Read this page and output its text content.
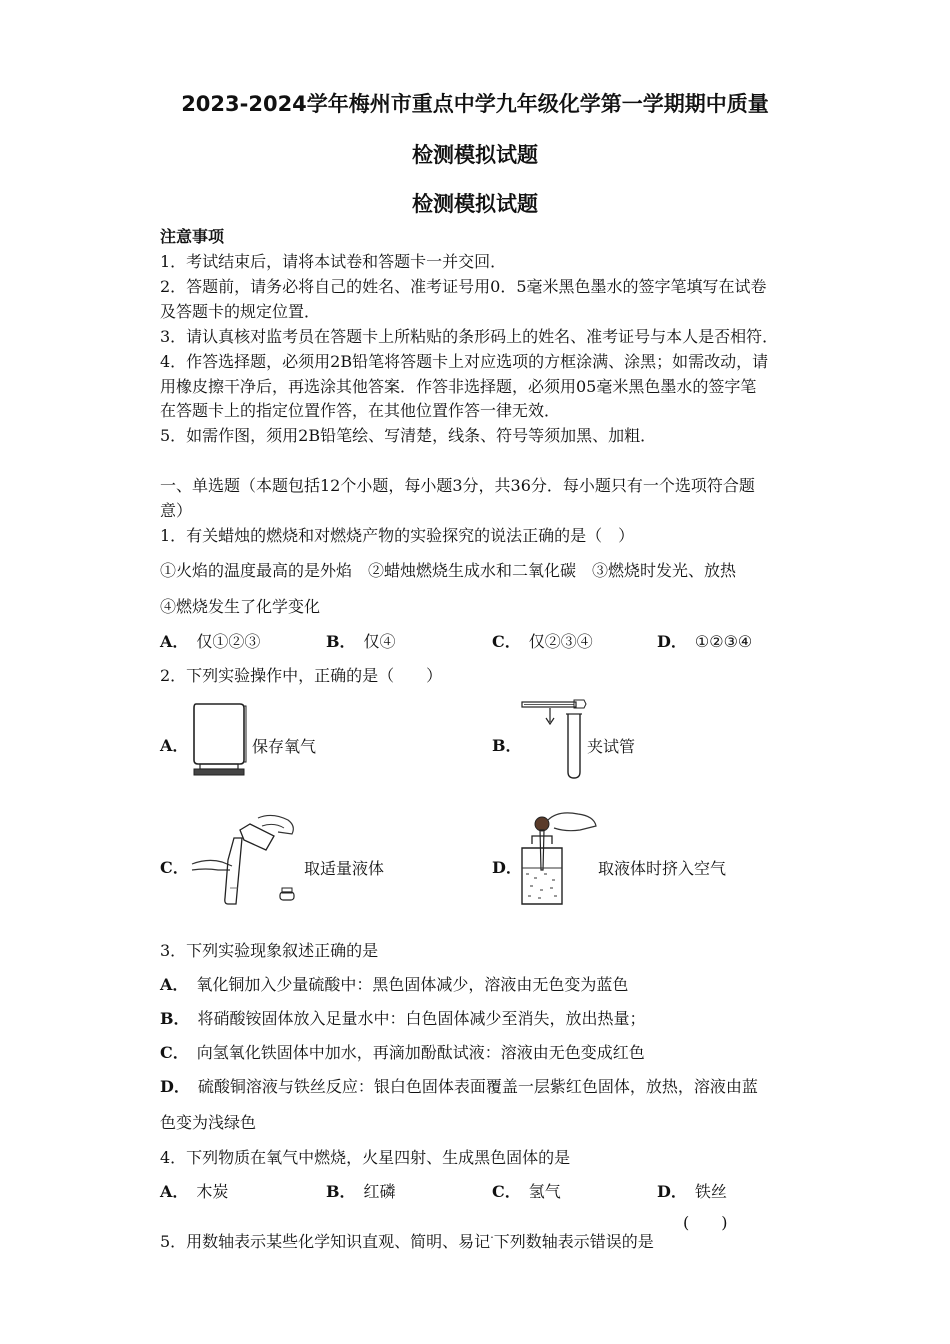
2023-2024学年梅州市重点中学九年级化学第一学期期中质量
检测模拟试题
检测模拟试题
注意事项
1．考试结束后，请将本试卷和答题卡一并交回．
2．答题前，请务必将自己的姓名、准考证号用0．5毫米黑色墨水的签字笔填写在试卷
及答题卡的规定位置．
3．请认真核对监考员在答题卡上所粘贴的条形码上的姓名、准考证号与本人是否相符．
4．作答选择题，必须用2B铅笔将答题卡上对应选项的方框涂满、涂黑；如需改动，请
用橡皮擦干净后，再选涂其他答案．作答非选择题，必须用05毫米黑色墨水的签字笔
在答题卡上的指定位置作答，在其他位置作答一律无效．
5．如需作图，须用2B铅笔绘、写清楚，线条、符号等须加黑、加粗．
一、单选题（本题包括12个小题，每小题3分，共36分．每小题只有一个选项符合题
意）
1．有关蜡烛的燃烧和对燃烧产物的实验探究的说法正确的是（　）
①火焰的温度最高的是外焰　②蜡烛燃烧生成水和二氧化碳　③燃烧时发光、放热
④燃烧发生了化学变化
A． 仅①②③	B． 仅④	C． 仅②③④	D． ①②③④
2．下列实验操作中，正确的是（　　）
A．	保存氧气	B．	夹试管
C．	取适量液体	D．	取液体时挤入空气
3．下列实验现象叙述正确的是
A． 氧化铜加入少量硫酸中：黑色固体减少，溶液由无色变为蓝色
B． 将硝酸铵固体放入足量水中：白色固体减少至消失，放出热量；
C． 向氢氧化铁固体中加水，再滴加酚酞试液：溶液由无色变成红色
D． 硫酸铜溶液与铁丝反应：银白色固体表面覆盖一层紫红色固体，放热，溶液由蓝
色变为浅绿色
4．下列物质在氧气中燃烧，火星四射、生成黑色固体的是
A． 木炭	B． 红磷	C． 氢气	D． 铁丝
5．用数轴表示某些化学知识直观、简明、易记·下列数轴表示错误的是
(　　)
